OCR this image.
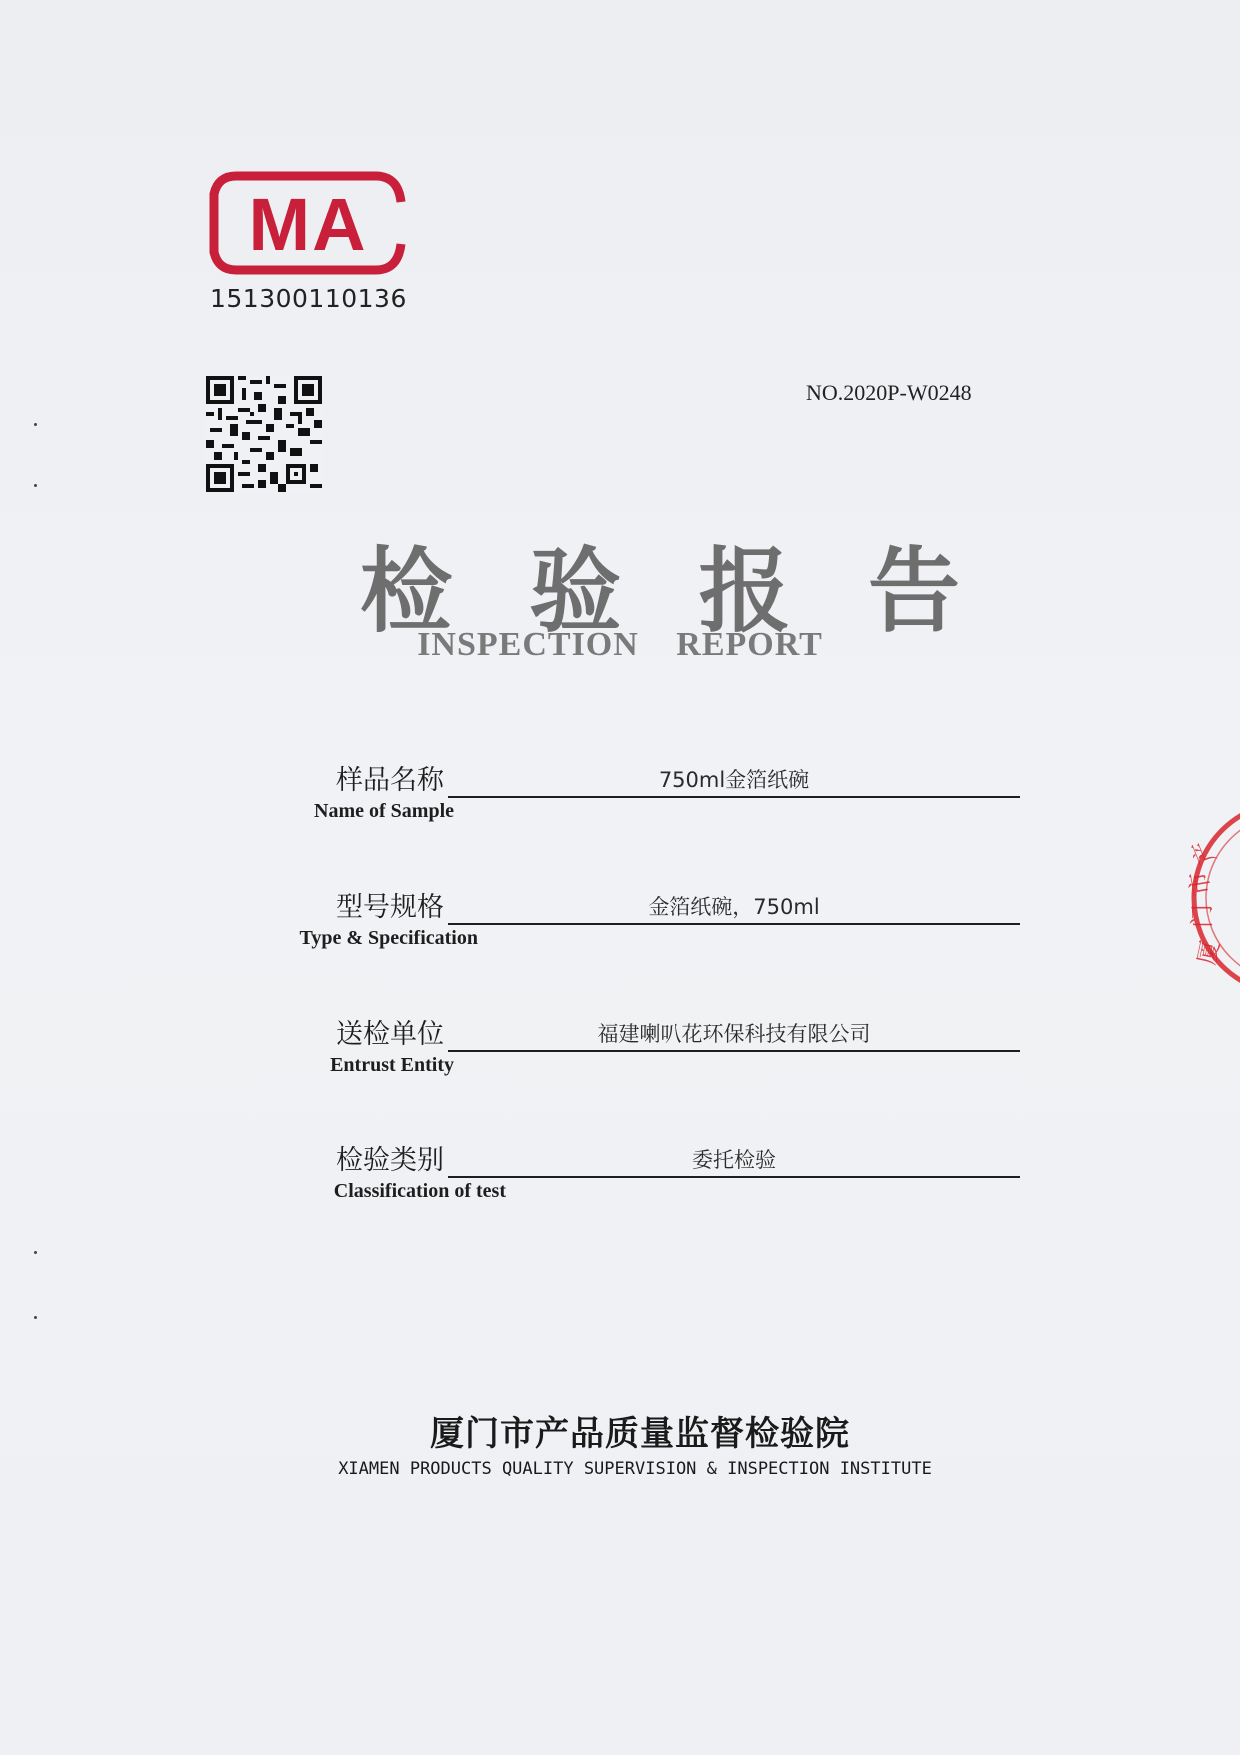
MA
151300110136
NO.2020P-W0248
检 验 报 告
INSPECTION REPORT
样品名称
Name of Sample
750ml金箔纸碗
型号规格
Type & Specification
金箔纸碗，750ml
送检单位
Entrust Entity
福建喇叭花环保科技有限公司
检验类别
Classification of test
委托检验
厦门市产品质量监督检验院
XIAMEN PRODUCTS QUALITY SUPERVISION & INSPECTION INSTITUTE
厦
门
市
产
